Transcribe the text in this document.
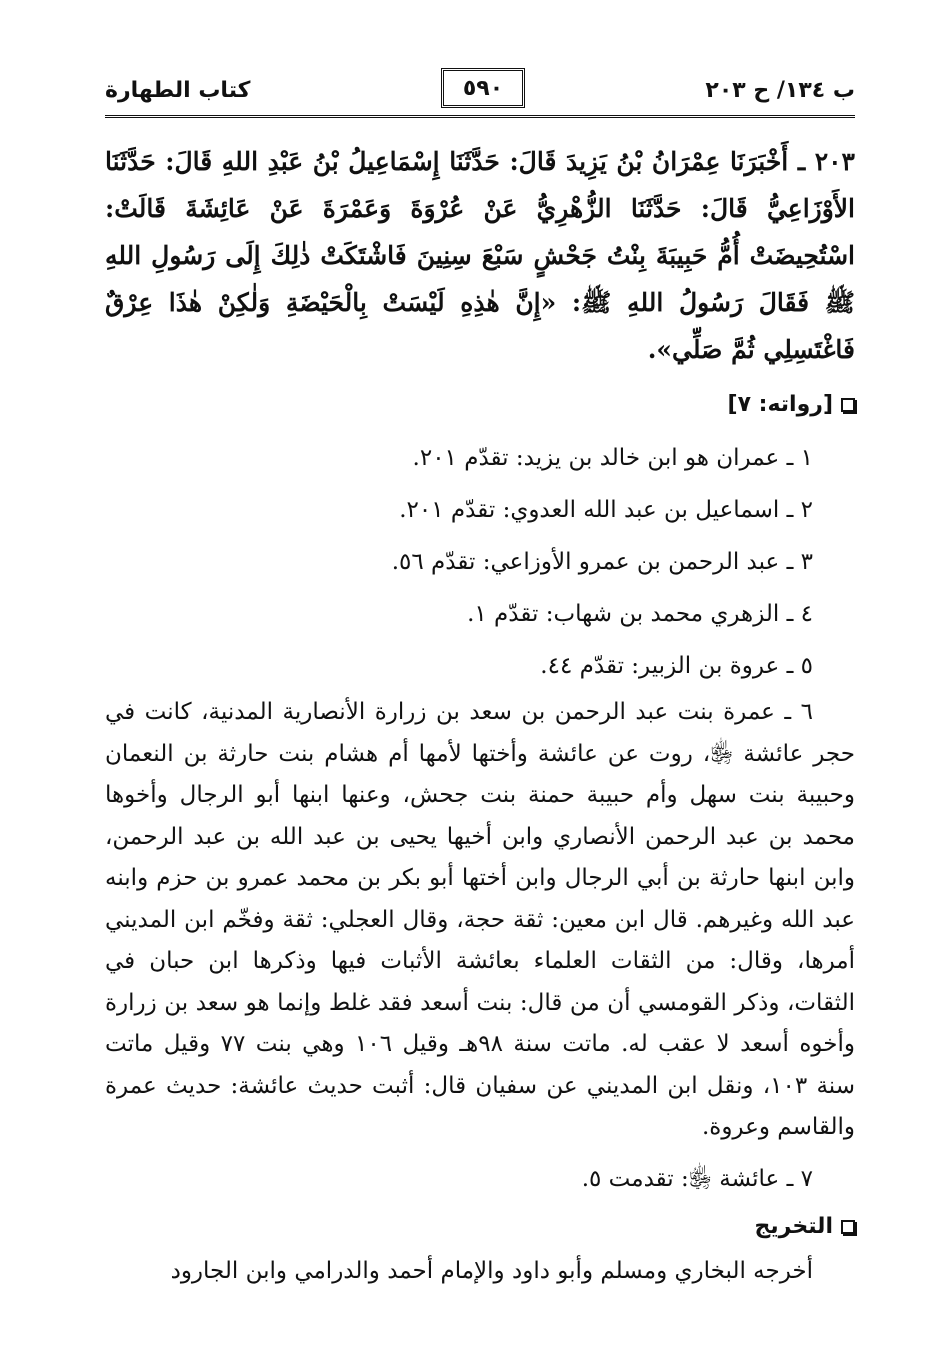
ب ١٣٤/ ح ٢٠٣
٥٩٠
كتاب الطهارة
٢٠٣ ـ أَخْبَرَنَا عِمْرَانُ بْنُ يَزِيدَ قَالَ: حَدَّثَنَا إِسْمَاعِيلُ بْنُ عَبْدِ اللهِ قَالَ: حَدَّثَنَا الأَوْزَاعِيُّ قَالَ: حَدَّثَنَا الزُّهْرِيُّ عَنْ عُرْوَةَ وَعَمْرَةَ عَنْ عَائِشَةَ قَالَتْ: اسْتُحِيضَتْ أُمُّ حَبِيبَةَ بِنْتُ جَحْشٍ سَبْعَ سِنِينَ فَاشْتَكَتْ ذٰلِكَ إِلَى رَسُولِ اللهِ ﷺ فَقَالَ رَسُولُ اللهِ ﷺ: «إِنَّ هٰذِهِ لَيْسَتْ بِالْحَيْضَةِ وَلٰكِنْ هٰذَا عِرْقٌ فَاغْتَسِلِي ثُمَّ صَلِّي».
[رواته: ٧]
١ ـ عمران هو ابن خالد بن يزيد: تقدّم ٢٠١.
٢ ـ اسماعيل بن عبد الله العدوي: تقدّم ٢٠١.
٣ ـ عبد الرحمن بن عمرو الأوزاعي: تقدّم ٥٦.
٤ ـ الزهري محمد بن شهاب: تقدّم ١.
٥ ـ عروة بن الزبير: تقدّم ٤٤.
٦ ـ عمرة بنت عبد الرحمن بن سعد بن زرارة الأنصارية المدنية، كانت في حجر عائشة ﵂، روت عن عائشة وأختها لأمها أم هشام بنت حارثة بن النعمان وحبيبة بنت سهل وأم حبيبة حمنة بنت جحش، وعنها ابنها أبو الرجال وأخوها محمد بن عبد الرحمن الأنصاري وابن أخيها يحيى بن عبد الله بن عبد الرحمن، وابن ابنها حارثة بن أبي الرجال وابن أختها أبو بكر بن محمد عمرو بن حزم وابنه عبد الله وغيرهم. قال ابن معين: ثقة حجة، وقال العجلي: ثقة وفخّم ابن المديني أمرها، وقال: من الثقات العلماء بعائشة الأثبات فيها وذكرها ابن حبان في الثقات، وذكر القومسي أن من قال: بنت أسعد فقد غلط وإنما هو سعد بن زرارة وأخوه أسعد لا عقب له. ماتت سنة ٩٨هـ وقيل ١٠٦ وهي بنت ٧٧ وقيل ماتت سنة ١٠٣، ونقل ابن المديني عن سفيان قال: أثبت حديث عائشة: حديث عمرة والقاسم وعروة.
٧ ـ عائشة ﵂: تقدمت ٥.
التخريج
أخرجه البخاري ومسلم وأبو داود والإمام أحمد والدرامي وابن الجارود
